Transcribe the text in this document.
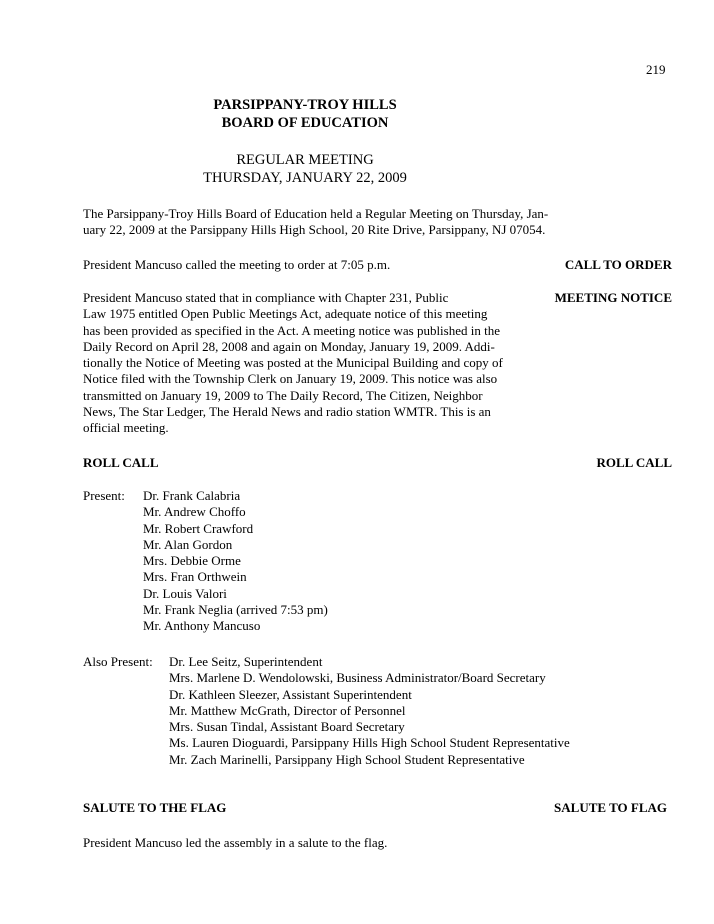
219
PARSIPPANY-TROY HILLS
BOARD OF EDUCATION
REGULAR MEETING
THURSDAY, JANUARY 22, 2009
The Parsippany-Troy Hills Board of Education held a Regular Meeting on Thursday, Jan-
uary 22, 2009 at the Parsippany Hills High School, 20 Rite Drive, Parsippany, NJ 07054.
President Mancuso called the meeting to order at 7:05 p.m.	CALL TO ORDER
President Mancuso stated that in compliance with Chapter 231, Public
Law 1975 entitled Open Public Meetings Act, adequate notice of this meeting
has been provided as specified in the Act. A meeting notice was published in the
Daily Record on April 28, 2008 and again on Monday, January 19, 2009. Addi-
tionally the Notice of Meeting was posted at the Municipal Building and copy of
Notice filed with the Township Clerk on January 19, 2009. This notice was also
transmitted on January 19, 2009 to The Daily Record, The Citizen, Neighbor
News, The Star Ledger, The Herald News and radio station WMTR. This is an
official meeting.
MEETING NOTICE
ROLL CALL	ROLL CALL
Present: Dr. Frank Calabria
Mr. Andrew Choffo
Mr. Robert Crawford
Mr. Alan Gordon
Mrs. Debbie Orme
Mrs. Fran Orthwein
Dr. Louis Valori
Mr. Frank Neglia (arrived 7:53 pm)
Mr. Anthony Mancuso
Also Present: Dr. Lee Seitz, Superintendent
Mrs. Marlene D. Wendolowski, Business Administrator/Board Secretary
Dr. Kathleen Sleezer, Assistant Superintendent
Mr. Matthew McGrath, Director of Personnel
Mrs. Susan Tindal, Assistant Board Secretary
Ms. Lauren Dioguardi, Parsippany Hills High School Student Representative
Mr. Zach Marinelli, Parsippany High School Student Representative
SALUTE TO THE FLAG	SALUTE TO FLAG
President Mancuso led the assembly in a salute to the flag.
